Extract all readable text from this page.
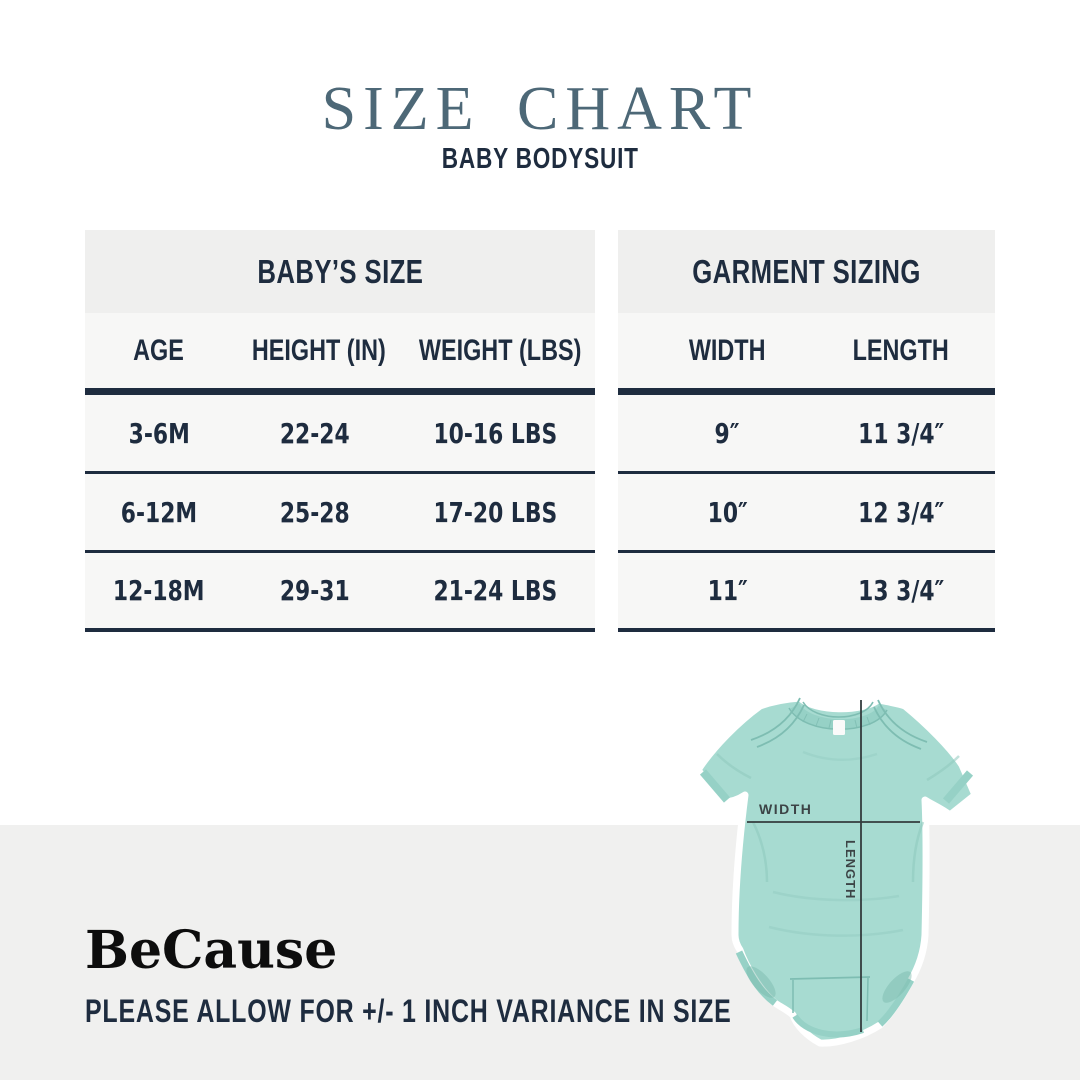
SIZE CHART
BABY BODYSUIT
BABY’S SIZE
AGE	HEIGHT (IN)	WEIGHT (LBS)
3-6M	22-24	10-16 LBS
6-12M	25-28	17-20 LBS
12-18M	29-31	21-24 LBS
GARMENT SIZING
WIDTH	LENGTH
9″	11 3/4″
10″	12 3/4″
11″	13 3/4″
WIDTH
LENGTH
BeCause
PLEASE ALLOW FOR +/- 1 INCH VARIANCE IN SIZE
